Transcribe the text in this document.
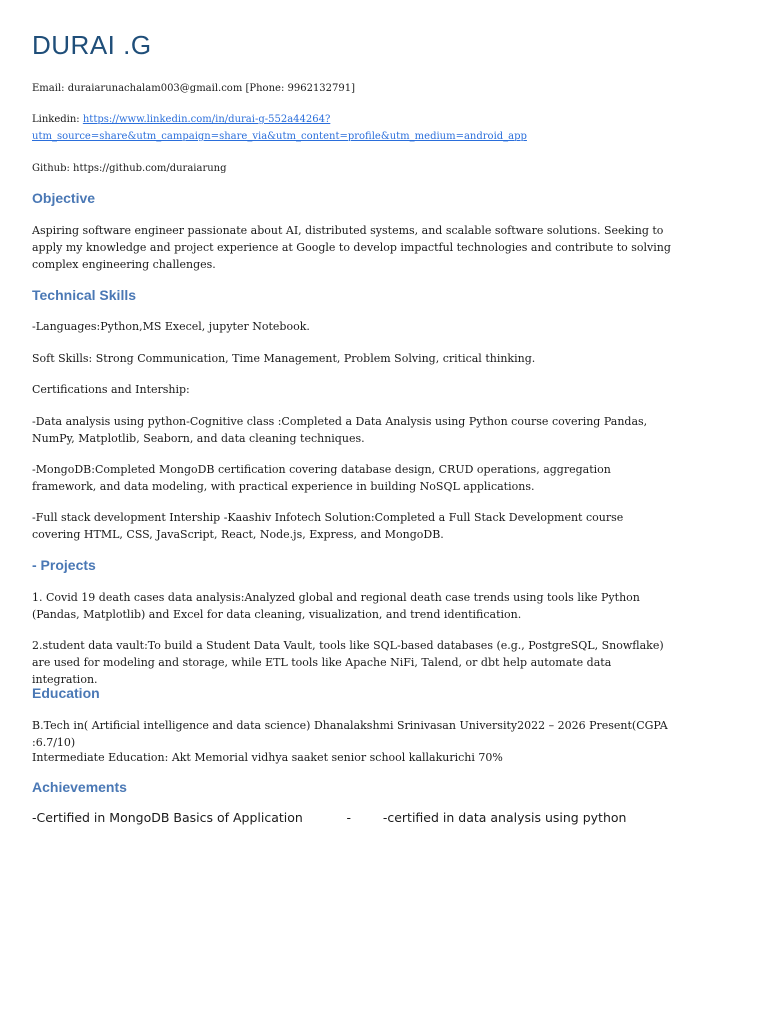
DURAI .G
Email: duraiarunachalam003@gmail.com [Phone: 9962132791]
Linkedin: https://www.linkedin.com/in/durai-g-552a44264?
utm_source=share&utm_campaign=share_via&utm_content=profile&utm_medium=android_app
Github: https://github.com/duraiarung
Objective
Aspiring software engineer passionate about AI, distributed systems, and scalable software solutions. Seeking to apply my knowledge and project experience at Google to develop impactful technologies and contribute to solving complex engineering challenges.
Technical Skills
-Languages:Python,MS Execel, jupyter Notebook.
Soft Skills: Strong Communication, Time Management, Problem Solving, critical thinking.
Certifications and Intership:
-Data analysis using python-Cognitive class :Completed a Data Analysis using Python course covering Pandas, NumPy, Matplotlib, Seaborn, and data cleaning techniques.
-MongoDB:Completed MongoDB certification covering database design, CRUD operations, aggregation framework, and data modeling, with practical experience in building NoSQL applications.
-Full stack development Intership -Kaashiv Infotech Solution:Completed a Full Stack Development course covering HTML, CSS, JavaScript, React, Node.js, Express, and MongoDB.
- Projects
1. Covid 19 death cases data analysis:Analyzed global and regional death case trends using tools like Python (Pandas, Matplotlib) and Excel for data cleaning, visualization, and trend identification.
2.student data vault:To build a Student Data Vault, tools like SQL-based databases (e.g., PostgreSQL, Snowflake) are used for modeling and storage, while ETL tools like Apache NiFi, Talend, or dbt help automate data integration.
Education
B.Tech in( Artificial intelligence and data science) Dhanalakshmi Srinivasan University2022 – 2026 Present(CGPA :6.7/10)
Intermediate Education: Akt Memorial vidhya saaket senior school kallakurichi 70%
Achievements
-Certified in MongoDB Basics of Application           -        -certified in data analysis using python
